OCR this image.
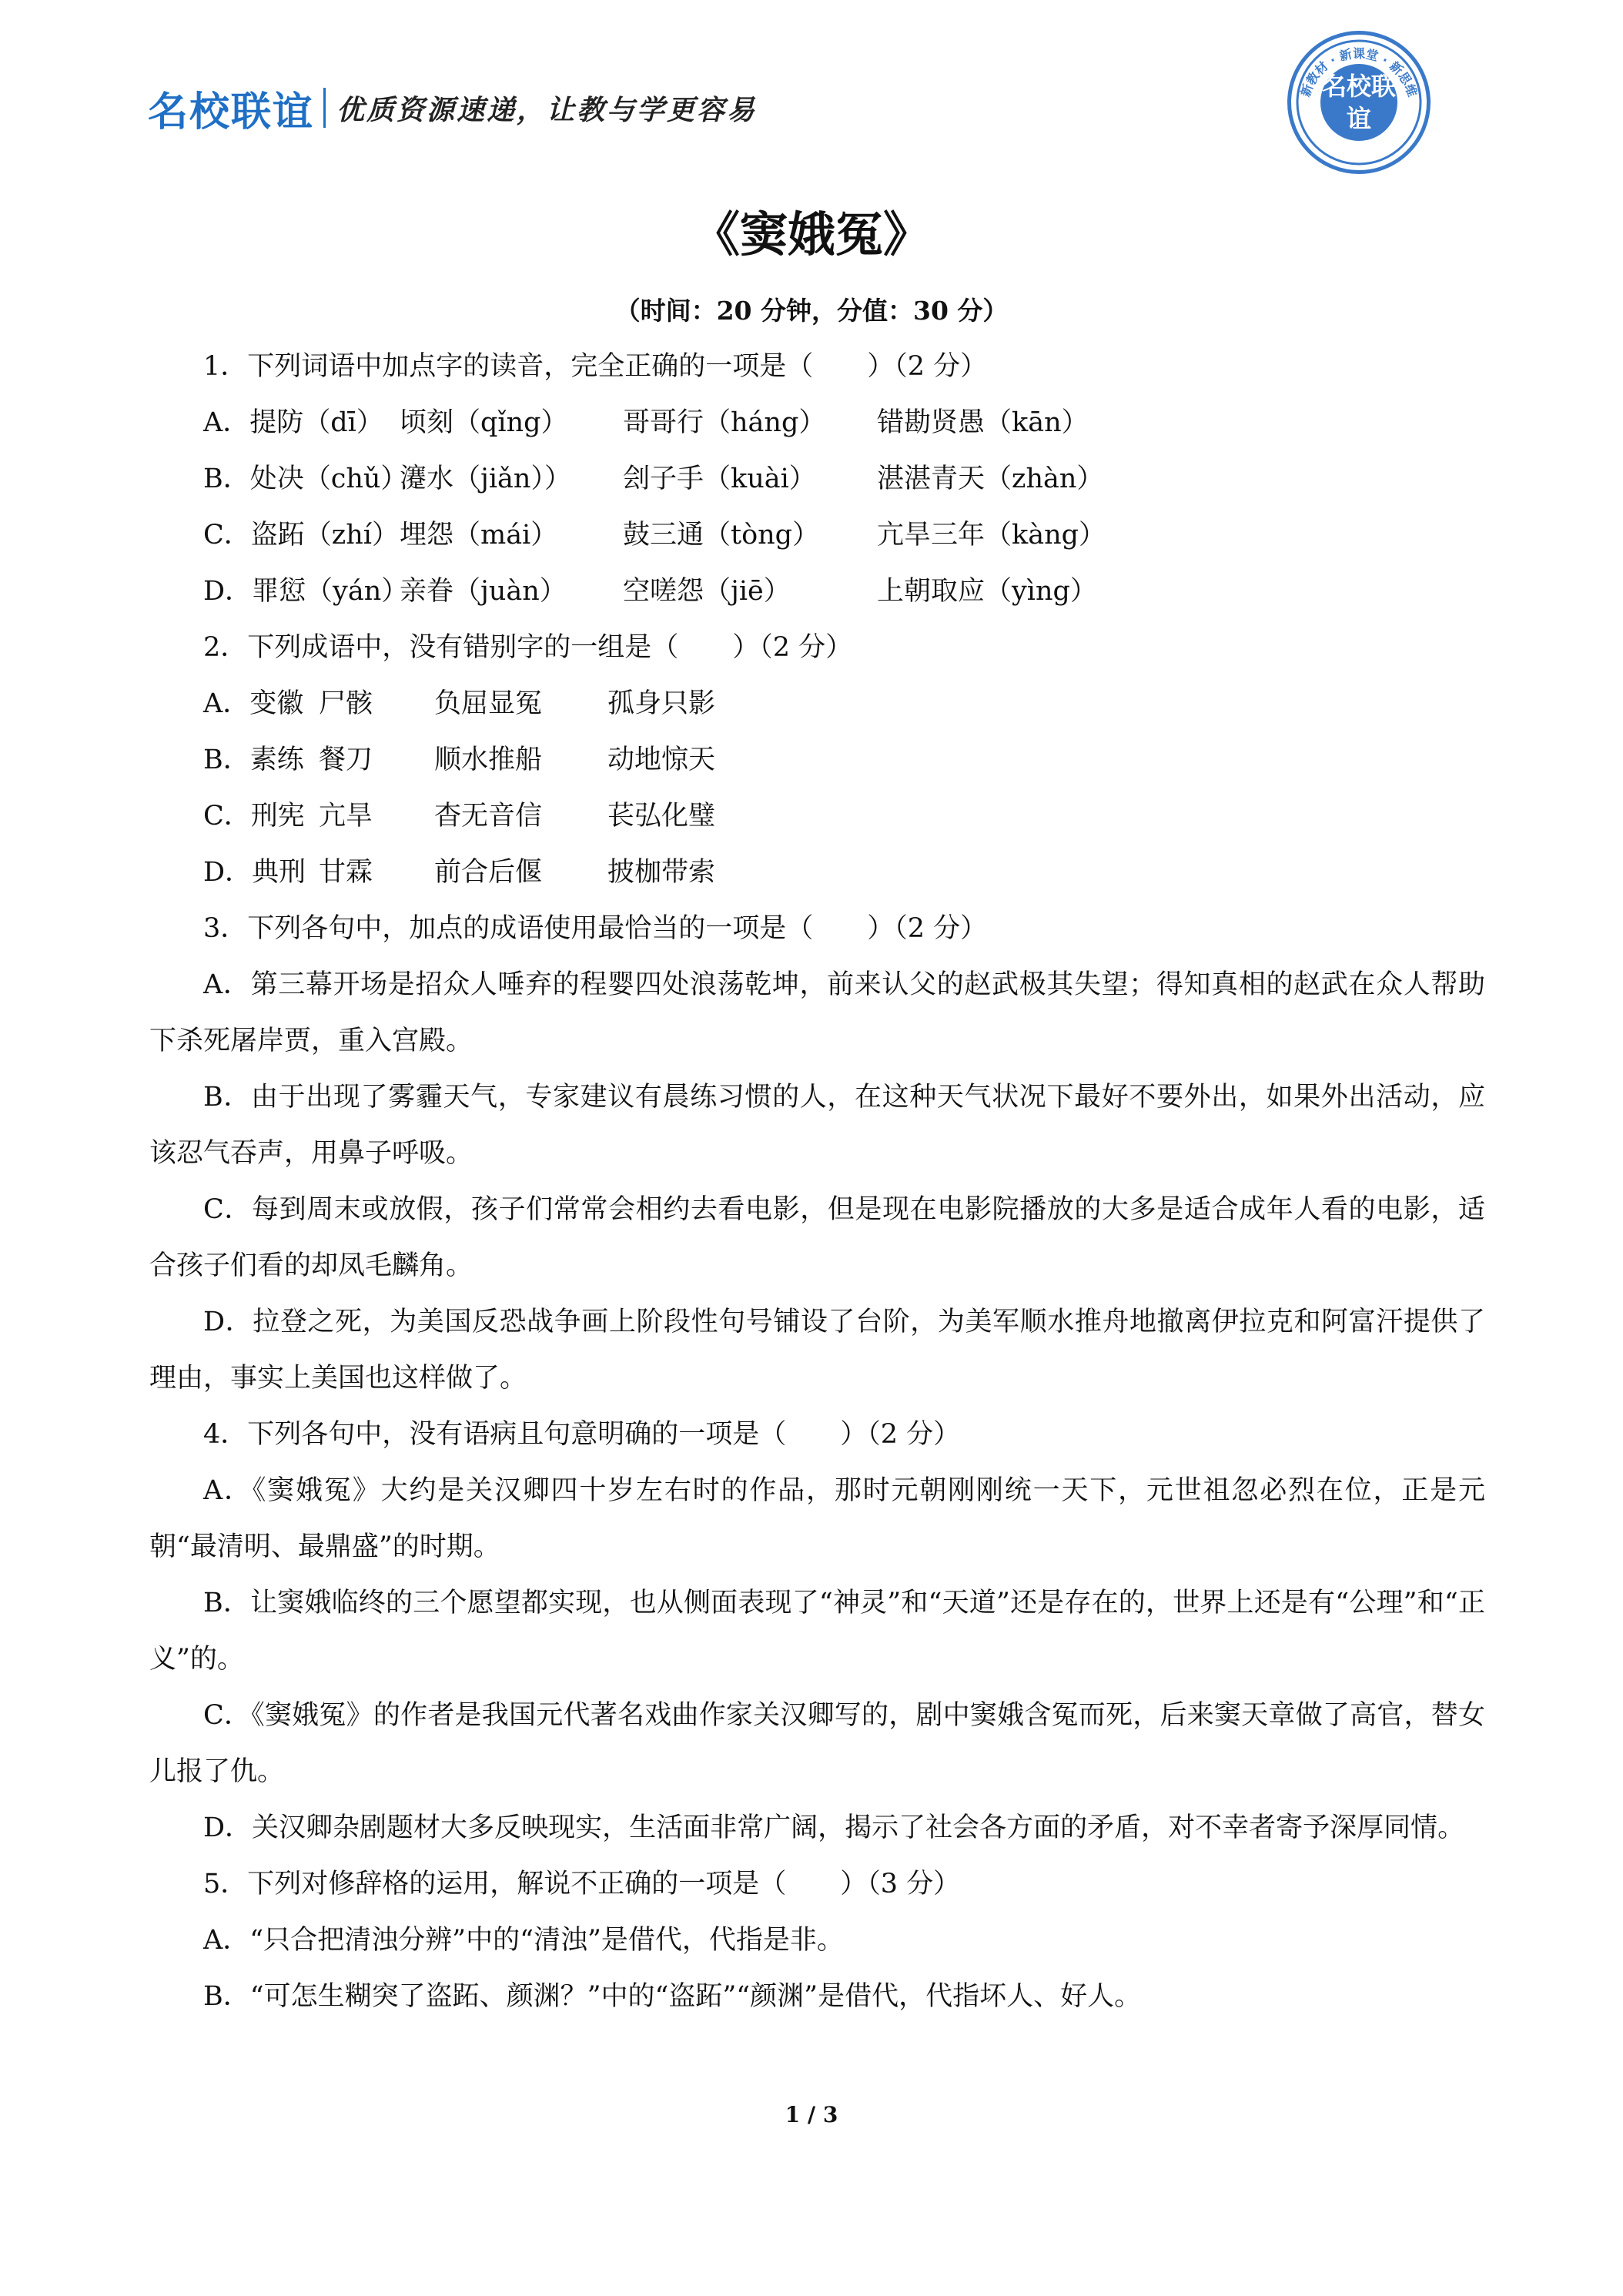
名校联谊 优质资源速递，让教与学更容易
新教材 · 新课堂 · 新思维
名校联谊
《窦娥冤》
（时间：20 分钟，分值：30 分）
1．下列词语中加点字的读音，完全正确的一项是（　　）（2 分）
A．提防（dī） 顷刻（qǐng） 哥哥行（háng） 错勘贤愚（kān）
B．处决（chǔ）瀽水（jiǎn）） 刽子手（kuài） 湛湛青天（zhàn）
C．盗跖（zhí）埋怨（mái） 鼓三通（tòng） 亢旱三年（kàng）
D．罪愆（yán）亲眷（juàn） 空嗟怨（jiē）	上朝取应（yìng）
2．下列成语中，没有错别字的一组是（　　）（2 分）
A．变徽 尸骸 负屈显冤 孤身只影
B．素练 餐刀 顺水推船 动地惊天
C．刑宪 亢旱 杳无音信 苌弘化璧
D．典刑 甘霖 前合后偃 披枷带索
3．下列各句中，加点的成语使用最恰当的一项是（　　）（2 分）
A．第三幕开场是招众人唾弃的程婴四处浪荡乾坤，前来认父的赵武极其失望；得知真相的赵武在众人帮助下杀死屠岸贾，重入宫殿。
B．由于出现了雾霾天气，专家建议有晨练习惯的人，在这种天气状况下最好不要外出，如果外出活动，应该忍气吞声，用鼻子呼吸。
C．每到周末或放假，孩子们常常会相约去看电影，但是现在电影院播放的大多是适合成年人看的电影，适合孩子们看的却凤毛麟角。
D．拉登之死，为美国反恐战争画上阶段性句号铺设了台阶，为美军顺水推舟地撤离伊拉克和阿富汗提供了理由，事实上美国也这样做了。
4．下列各句中，没有语病且句意明确的一项是（　　）（2 分）
A．《窦娥冤》大约是关汉卿四十岁左右时的作品，那时元朝刚刚统一天下，元世祖忽必烈在位，正是元朝“最清明、最鼎盛”的时期。
B．让窦娥临终的三个愿望都实现，也从侧面表现了“神灵”和“天道”还是存在的，世界上还是有“公理”和“正义”的。
C．《窦娥冤》的作者是我国元代著名戏曲作家关汉卿写的，剧中窦娥含冤而死，后来窦天章做了高官，替女儿报了仇。
D．关汉卿杂剧题材大多反映现实，生活面非常广阔，揭示了社会各方面的矛盾，对不幸者寄予深厚同情。
5．下列对修辞格的运用，解说不正确的一项是（　　）（3 分）
A．“只合把清浊分辨”中的“清浊”是借代，代指是非。
B．“可怎生糊突了盗跖、颜渊？”中的“盗跖”“颜渊”是借代，代指坏人、好人。
1 / 3
